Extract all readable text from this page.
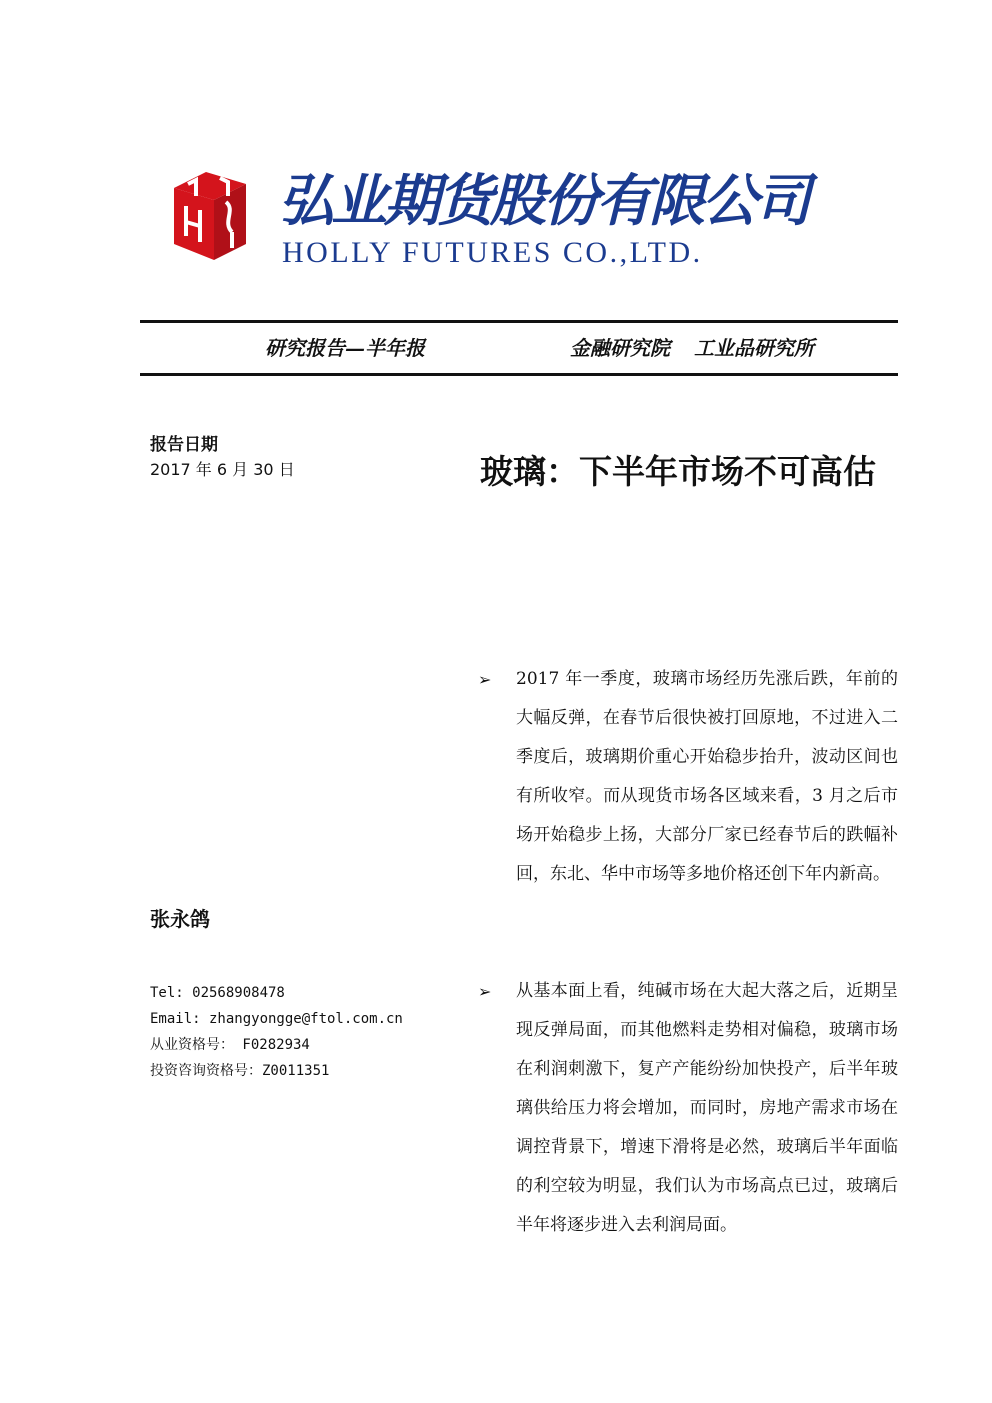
弘业期货股份有限公司
HOLLY FUTURES CO.,LTD.
研究报告—半年报	金融研究院 工业品研究所
报告日期
2017 年 6 月 30 日	玻璃：下半年市场不可高估
张永鸽
Tel: 02568908478
Email: zhangyongge@ftol.com.cn
从业资格号： F0282934
投资咨询资格号：Z0011351
➢ 2017 年一季度，玻璃市场经历先涨后跌，年前的大幅反弹，在春节后很快被打回原地，不过进入二季度后，玻璃期价重心开始稳步抬升，波动区间也有所收窄。而从现货市场各区域来看，3 月之后市场开始稳步上扬，大部分厂家已经春节后的跌幅补回，东北、华中市场等多地价格还创下年内新高。
➢ 从基本面上看，纯碱市场在大起大落之后，近期呈现反弹局面，而其他燃料走势相对偏稳，玻璃市场在利润刺激下，复产产能纷纷加快投产，后半年玻璃供给压力将会增加，而同时，房地产需求市场在调控背景下，增速下滑将是必然，玻璃后半年面临的利空较为明显，我们认为市场高点已过，玻璃后半年将逐步进入去利润局面。
